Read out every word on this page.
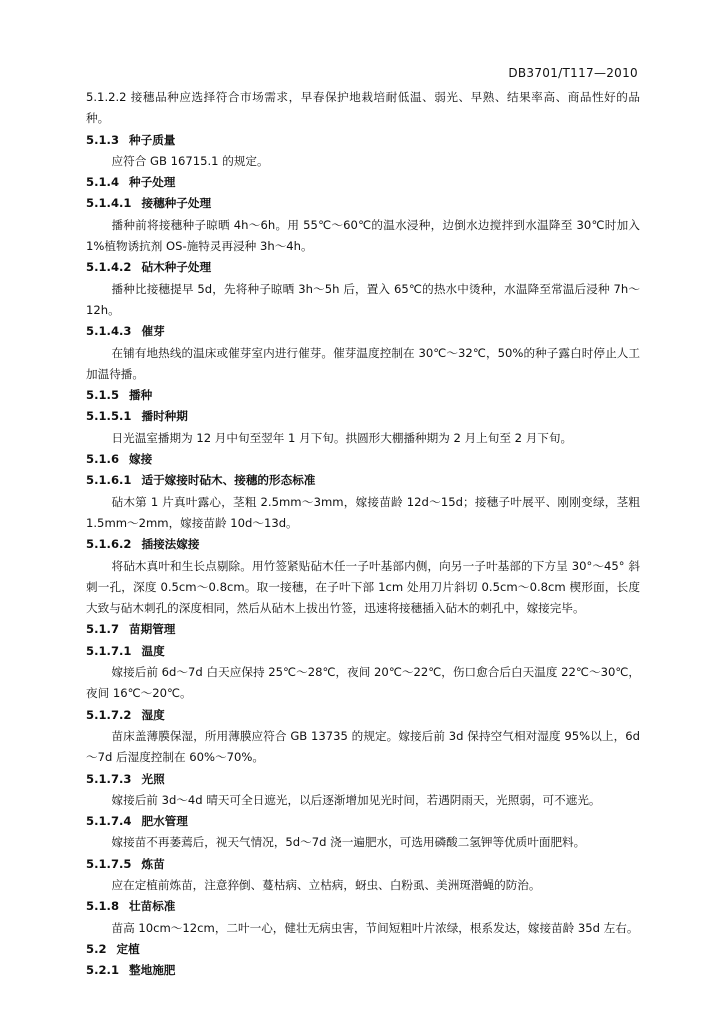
DB3701/T117—2010
5.1.2.2 接穗品种应选择符合市场需求，早春保护地栽培耐低温、弱光、早熟、结果率高、商品性好的品种。
5.1.3 种子质量
应符合 GB 16715.1 的规定。
5.1.4 种子处理
5.1.4.1 接穗种子处理
播种前将接穗种子晾晒 4h～6h。用 55℃～60℃的温水浸种，边倒水边搅拌到水温降至 30℃时加入 1%植物诱抗剂 OS-施特灵再浸种 3h～4h。
5.1.4.2 砧木种子处理
播种比接穗提早 5d，先将种子晾晒 3h～5h 后，置入 65℃的热水中烫种，水温降至常温后浸种 7h～12h。
5.1.4.3 催芽
在铺有地热线的温床或催芽室内进行催芽。催芽温度控制在 30℃～32℃，50%的种子露白时停止人工加温待播。
5.1.5 播种
5.1.5.1 播时种期
日光温室播期为 12 月中旬至翌年 1 月下旬。拱圆形大棚播种期为 2 月上旬至 2 月下旬。
5.1.6 嫁接
5.1.6.1 适于嫁接时砧木、接穗的形态标准
砧木第 1 片真叶露心，茎粗 2.5mm～3mm，嫁接苗龄 12d～15d；接穗子叶展平、刚刚变绿，茎粗 1.5mm～2mm，嫁接苗龄 10d～13d。
5.1.6.2 插接法嫁接
将砧木真叶和生长点剔除。用竹签紧贴砧木任一子叶基部内侧，向另一子叶基部的下方呈 30°～45° 斜刺一孔，深度 0.5cm～0.8cm。取一接穗，在子叶下部 1cm 处用刀片斜切 0.5cm～0.8cm 楔形面，长度大致与砧木刺孔的深度相同，然后从砧木上拔出竹签，迅速将接穗插入砧木的刺孔中，嫁接完毕。
5.1.7 苗期管理
5.1.7.1 温度
嫁接后前 6d～7d 白天应保持 25℃～28℃，夜间 20℃～22℃，伤口愈合后白天温度 22℃～30℃，夜间 16℃～20℃。
5.1.7.2 湿度
苗床盖薄膜保湿，所用薄膜应符合 GB 13735 的规定。嫁接后前 3d 保持空气相对湿度 95%以上，6d～7d 后湿度控制在 60%～70%。
5.1.7.3 光照
嫁接后前 3d～4d 晴天可全日遮光，以后逐渐增加见光时间，若遇阴雨天，光照弱，可不遮光。
5.1.7.4 肥水管理
嫁接苗不再萎蔫后，视天气情况，5d～7d 浇一遍肥水，可选用磷酸二氢钾等优质叶面肥料。
5.1.7.5 炼苗
应在定植前炼苗，注意猝倒、蔓枯病、立枯病，蚜虫、白粉虱、美洲斑潜蝇的防治。
5.1.8 壮苗标准
苗高 10cm～12cm，二叶一心，健壮无病虫害，节间短粗叶片浓绿，根系发达，嫁接苗龄 35d 左右。
5.2 定植
5.2.1 整地施肥
